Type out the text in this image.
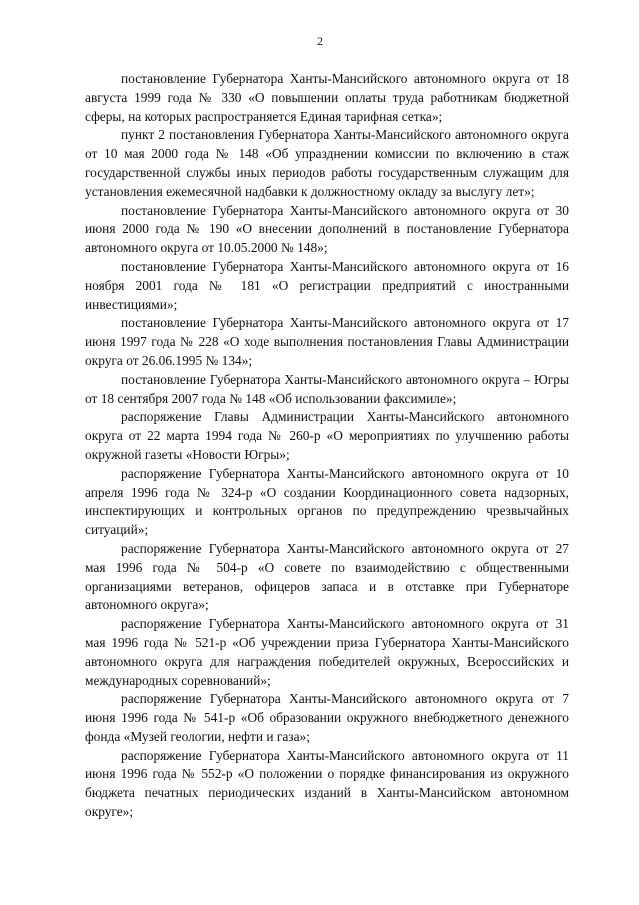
2

постановление Губернатора Ханты-Мансийского автономного округа от 18 августа 1999 года № 330 «О повышении оплаты труда работникам бюджетной сферы, на которых распространяется Единая тарифная сетка»;

пункт 2 постановления Губернатора Ханты-Мансийского автономного округа от 10 мая 2000 года № 148 «Об упразднении комиссии по включению в стаж государственной службы иных периодов работы государственным служащим для установления ежемесячной надбавки к должностному окладу за выслугу лет»;

постановление Губернатора Ханты-Мансийского автономного округа от 30 июня 2000 года № 190 «О внесении дополнений в постановление Губернатора автономного округа от 10.05.2000 № 148»;

постановление Губернатора Ханты-Мансийского автономного округа от 16 ноября 2001 года № 181 «О регистрации предприятий с иностранными инвестициями»;

постановление Губернатора Ханты-Мансийского автономного округа от 17 июня 1997 года № 228 «О ходе выполнения постановления Главы Администрации округа от 26.06.1995 № 134»;

постановление Губернатора Ханты-Мансийского автономного округа – Югры от 18 сентября 2007 года № 148 «Об использовании факсимиле»;

распоряжение Главы Администрации Ханты-Мансийского автономного округа от 22 марта 1994 года № 260-р «О мероприятиях по улучшению работы окружной газеты «Новости Югры»;

распоряжение Губернатора Ханты-Мансийского автономного округа от 10 апреля 1996 года № 324-р «О создании Координационного совета надзорных, инспектирующих и контрольных органов по предупреждению чрезвычайных ситуаций»;

распоряжение Губернатора Ханты-Мансийского автономного округа от 27 мая 1996 года № 504-р «О совете по взаимодействию с общественными организациями ветеранов, офицеров запаса и в отставке при Губернаторе автономного округа»;

распоряжение Губернатора Ханты-Мансийского автономного округа от 31 мая 1996 года № 521-р «Об учреждении приза Губернатора Ханты-Мансийского автономного округа для награждения победителей окружных, Всероссийских и международных соревнований»;

распоряжение Губернатора Ханты-Мансийского автономного округа от 7 июня 1996 года № 541-р «Об образовании окружного внебюджетного денежного фонда «Музей геологии, нефти и газа»;

распоряжение Губернатора Ханты-Мансийского автономного округа от 11 июня 1996 года № 552-р «О положении о порядке финансирования из окружного бюджета печатных периодических изданий в Ханты-Мансийском автономном округе»;
